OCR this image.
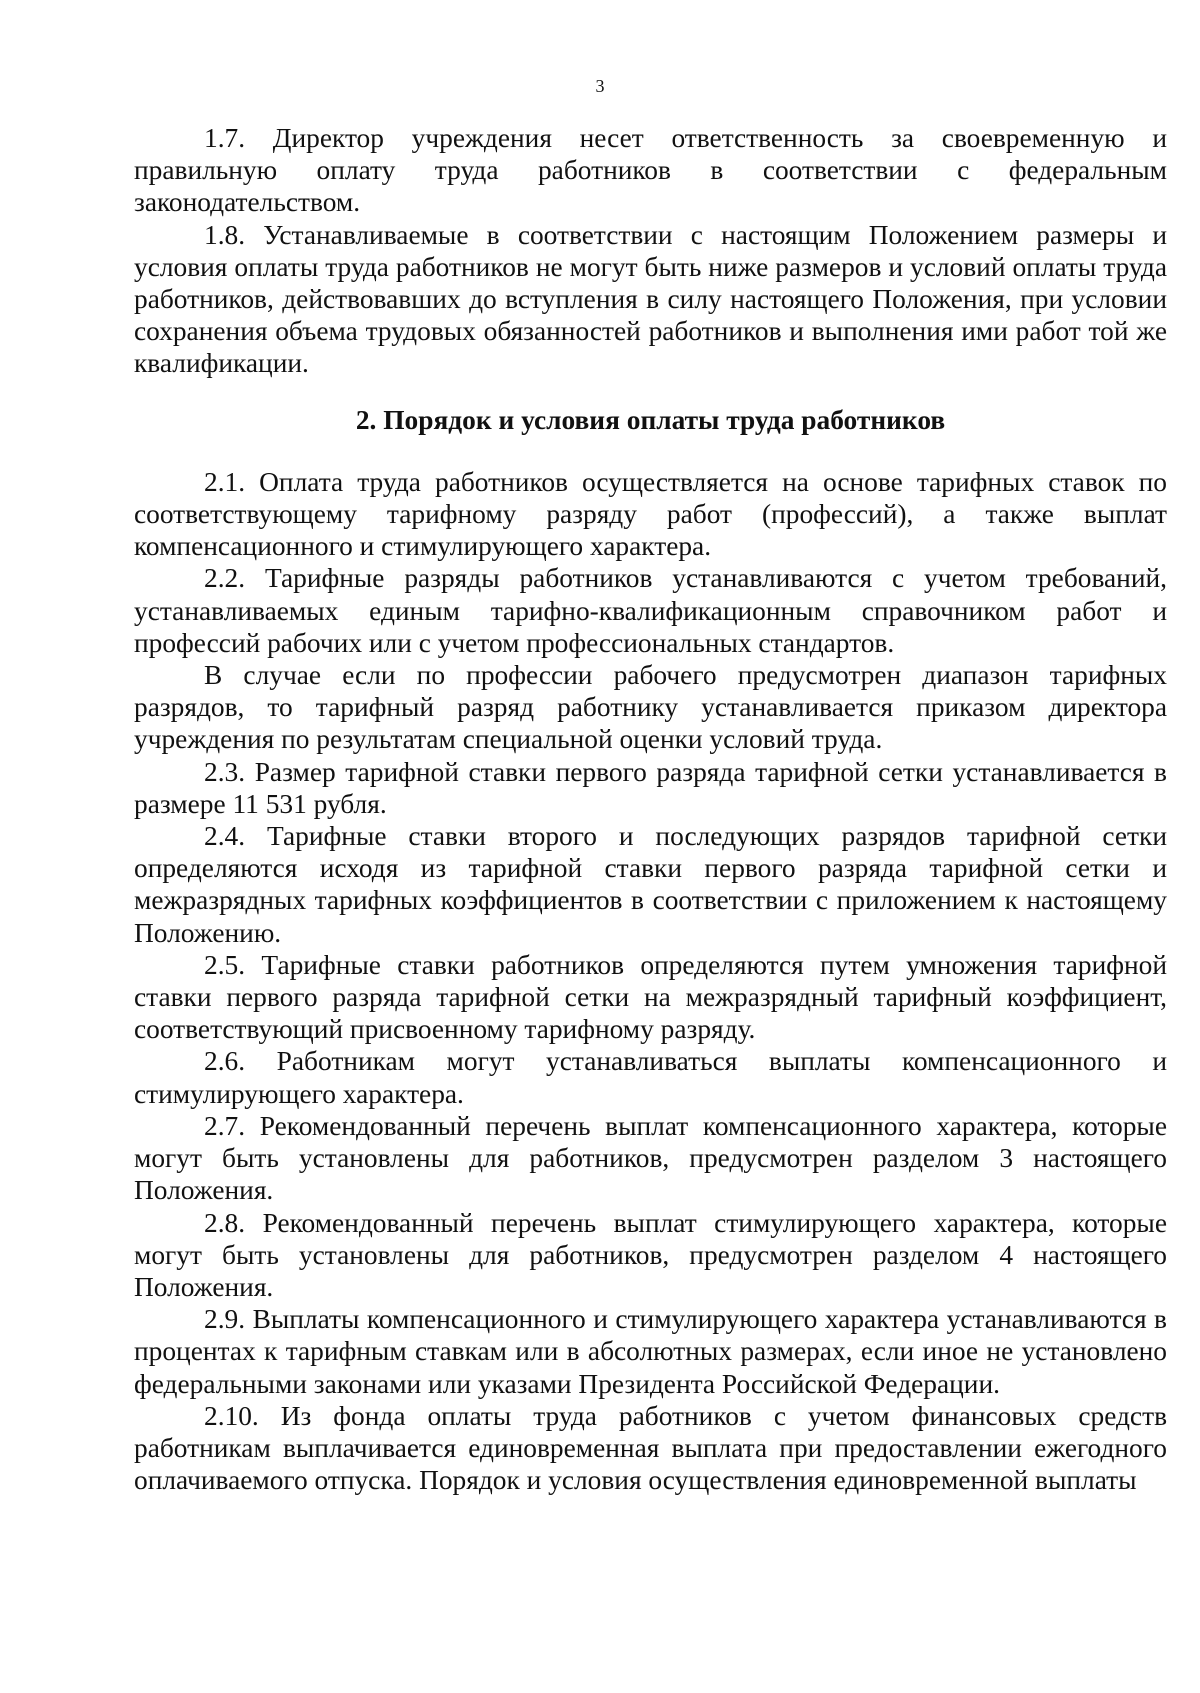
3

1.7. Директор учреждения несет ответственность за своевременную и правильную оплату труда работников в соответствии с федеральным законодательством.

1.8. Устанавливаемые в соответствии с настоящим Положением размеры и условия оплаты труда работников не могут быть ниже размеров и условий оплаты труда работников, действовавших до вступления в силу настоящего Положения, при условии сохранения объема трудовых обязанностей работников и выполнения ими работ той же квалификации.

2. Порядок и условия оплаты труда работников

2.1. Оплата труда работников осуществляется на основе тарифных ставок по соответствующему тарифному разряду работ (профессий), а также выплат компенсационного и стимулирующего характера.

2.2. Тарифные разряды работников устанавливаются с учетом требований, устанавливаемых единым тарифно-квалификационным справочником работ и профессий рабочих или с учетом профессиональных стандартов.

В случае если по профессии рабочего предусмотрен диапазон тарифных разрядов, то тарифный разряд работнику устанавливается приказом директора учреждения по результатам специальной оценки условий труда.

2.3. Размер тарифной ставки первого разряда тарифной сетки устанавливается в размере 11 531 рубля.

2.4. Тарифные ставки второго и последующих разрядов тарифной сетки определяются исходя из тарифной ставки первого разряда тарифной сетки и межразрядных тарифных коэффициентов в соответствии с приложением к настоящему Положению.

2.5. Тарифные ставки работников определяются путем умножения тарифной ставки первого разряда тарифной сетки на межразрядный тарифный коэффициент, соответствующий присвоенному тарифному разряду.

2.6. Работникам могут устанавливаться выплаты компенсационного и стимулирующего характера.

2.7. Рекомендованный перечень выплат компенсационного характера, которые могут быть установлены для работников, предусмотрен разделом 3 настоящего Положения.

2.8. Рекомендованный перечень выплат стимулирующего характера, которые могут быть установлены для работников, предусмотрен разделом 4 настоящего Положения.

2.9. Выплаты компенсационного и стимулирующего характера устанавливаются в процентах к тарифным ставкам или в абсолютных размерах, если иное не установлено федеральными законами или указами Президента Российской Федерации.

2.10. Из фонда оплаты труда работников с учетом финансовых средств работникам выплачивается единовременная выплата при предоставлении ежегодного оплачиваемого отпуска. Порядок и условия осуществления единовременной выплаты
